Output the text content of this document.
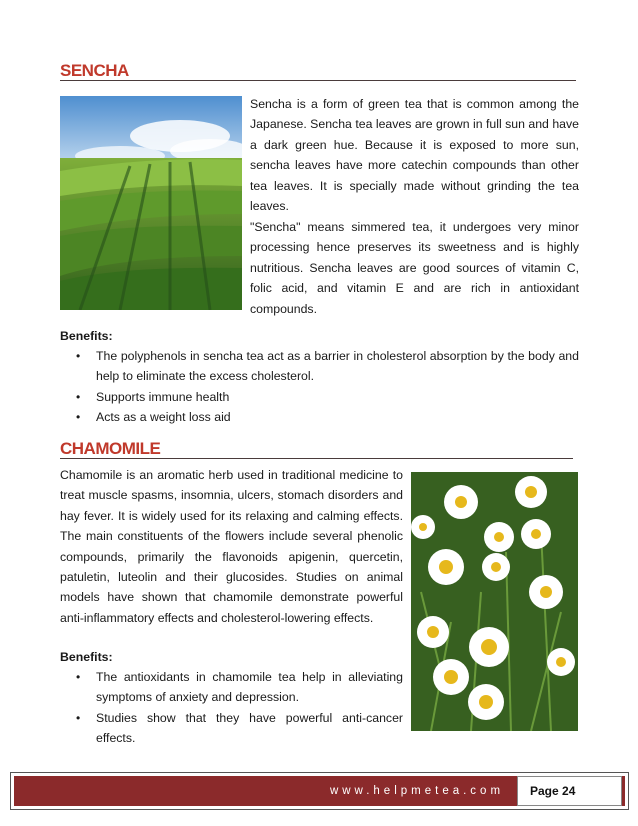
SENCHA

Sencha is a form of green tea that is common among the Japanese. Sencha tea leaves are grown in full sun and have a dark green hue. Because it is exposed to more sun, sencha leaves have more catechin compounds than other tea leaves. It is specially made without grinding the tea leaves.

"Sencha" means simmered tea, it undergoes very minor processing hence preserves its sweetness and is highly nutritious. Sencha leaves are good sources of vitamin C, folic acid, and vitamin E and are rich in antioxidant compounds.

Benefits:

• The polyphenols in sencha tea act as a barrier in cholesterol absorption by the body and help to eliminate the excess cholesterol.
• Supports immune health
• Acts as a weight loss aid
CHAMOMILE

Chamomile is an aromatic herb used in traditional medicine to treat muscle spasms, insomnia, ulcers, stomach disorders and hay fever. It is widely used for its relaxing and calming effects. The main constituents of the flowers include several phenolic compounds, primarily the flavonoids apigenin, quercetin, patuletin, luteolin and their glucosides. Studies on animal models have shown that chamomile demonstrate powerful anti-inflammatory effects and cholesterol-lowering effects.

Benefits:

• The antioxidants in chamomile tea help in alleviating symptoms of anxiety and depression.
• Studies show that they have powerful anti-cancer effects.
www.helpmetea.com	Page 24
